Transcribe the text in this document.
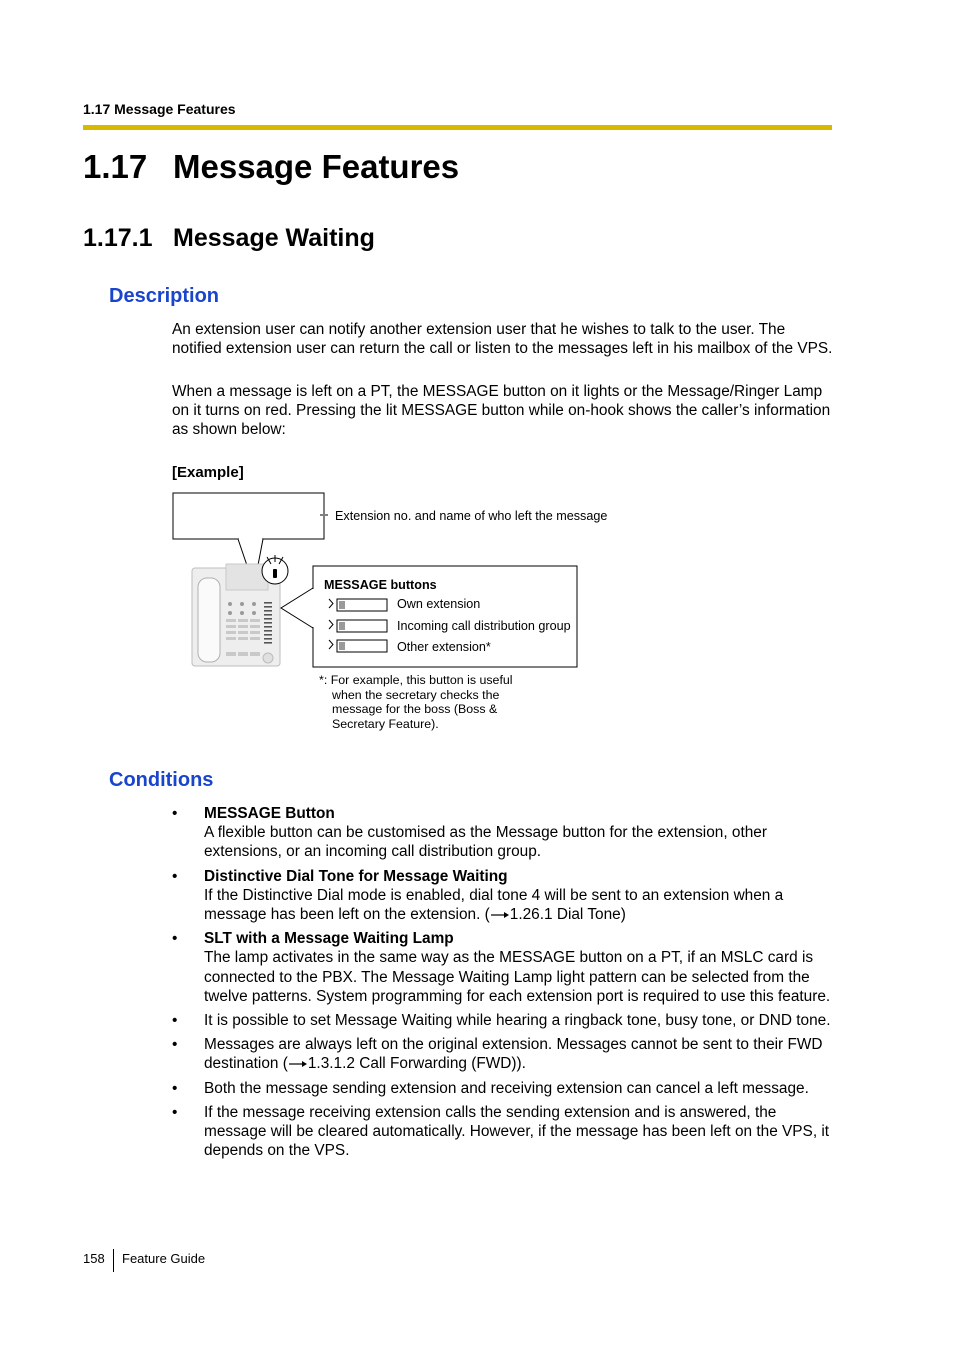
1.17 Message Features
1.17 Message Features
1.17.1 Message Waiting
Description
An extension user can notify another extension user that he wishes to talk to the user. The notified extension user can return the call or listen to the messages left in his mailbox of the VPS.
When a message is left on a PT, the MESSAGE button on it lights or the Message/Ringer Lamp on it turns on red. Pressing the lit MESSAGE button while on-hook shows the caller’s information as shown below:
[Example]
Extension no. and name of who left the message
MESSAGE buttons
Own extension
Incoming call distribution group
Other extension*
*: For example, this button is useful
when the secretary checks the
message for the boss (Boss &
Secretary Feature).
Conditions
• MESSAGE Button
A flexible button can be customised as the Message button for the extension, other extensions, or an incoming call distribution group.
• Distinctive Dial Tone for Message Waiting
If the Distinctive Dial mode is enabled, dial tone 4 will be sent to an extension when a message has been left on the extension. ( 1.26.1 Dial Tone)
• SLT with a Message Waiting Lamp
The lamp activates in the same way as the MESSAGE button on a PT, if an MSLC card is connected to the PBX. The Message Waiting Lamp light pattern can be selected from the twelve patterns. System programming for each extension port is required to use this feature.
• It is possible to set Message Waiting while hearing a ringback tone, busy tone, or DND tone.
• Messages are always left on the original extension. Messages cannot be sent to their FWD destination ( 1.3.1.2 Call Forwarding (FWD)).
• Both the message sending extension and receiving extension can cancel a left message.
• If the message receiving extension calls the sending extension and is answered, the message will be cleared automatically. However, if the message has been left on the VPS, it depends on the VPS.
158 Feature Guide
